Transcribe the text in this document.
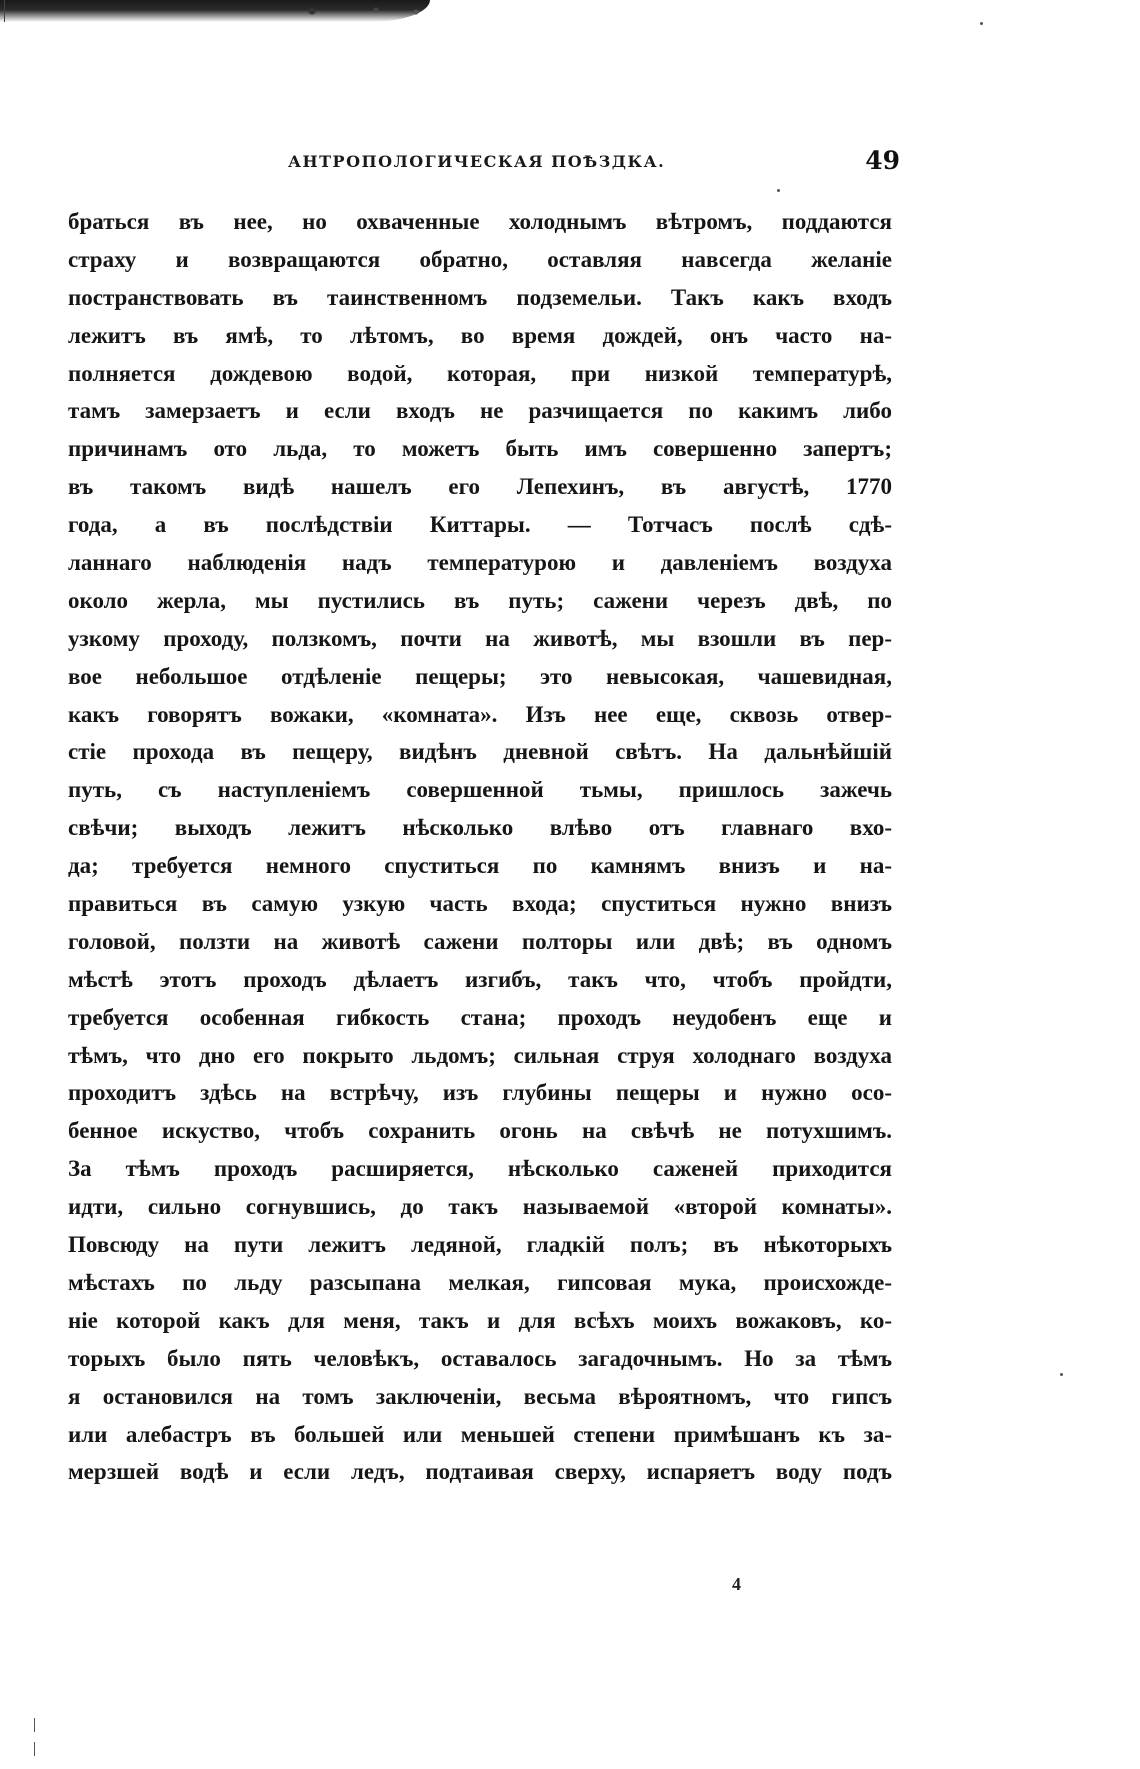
АНТРОПОЛОГИЧЕСКАЯ ПОѢЗДКА.	49
браться въ нее, но охваченные холоднымъ вѣтромъ, поддаются
страху и возвращаются обратно, оставляя навсегда желаніе
постранствовать въ таинственномъ подземельи. Такъ какъ входъ
лежитъ въ ямѣ, то лѣтомъ, во время дождей, онъ часто на-
полняется дождевою водой, которая, при низкой температурѣ,
тамъ замерзаетъ и если входъ не разчищается по какимъ либо
причинамъ ото льда, то можетъ быть имъ совершенно запертъ;
въ такомъ видѣ нашелъ его Лепехинъ, въ августѣ, 1770
года, а въ послѣдствіи Киттары. — Тотчасъ послѣ сдѣ-
ланнаго наблюденія надъ температурою и давленіемъ воздуха
около жерла, мы пустились въ путь; сажени черезъ двѣ, по
узкому проходу, ползкомъ, почти на животѣ, мы взошли въ пер-
вое небольшое отдѣленіе пещеры; это невысокая, чашевидная,
какъ говорятъ вожаки, «комната». Изъ нее еще, сквозь отвер-
стіе прохода въ пещеру, видѣнъ дневной свѣтъ. На дальнѣйшій
путь, съ наступленіемъ совершенной тьмы, пришлось зажечь
свѣчи; выходъ лежитъ нѣсколько влѣво отъ главнаго вхо-
да; требуется немного спуститься по камнямъ внизъ и на-
правиться въ самую узкую часть входа; спуститься нужно внизъ
головой, ползти на животѣ сажени полторы или двѣ; въ одномъ
мѣстѣ этотъ проходъ дѣлаетъ изгибъ, такъ что, чтобъ пройдти,
требуется особенная гибкость стана; проходъ неудобенъ еще и
тѣмъ, что дно его покрыто льдомъ; сильная струя холоднаго воздуха
проходитъ здѣсь на встрѣчу, изъ глубины пещеры и нужно осо-
бенное искуство, чтобъ сохранить огонь на свѣчѣ не потухшимъ.
За тѣмъ проходъ расширяется, нѣсколько саженей приходится
идти, сильно согнувшись, до такъ называемой «второй комнаты».
Повсюду на пути лежитъ ледяной, гладкій полъ; въ нѣкоторыхъ
мѣстахъ по льду разсыпана мелкая, гипсовая мука, происхожде-
ніе которой какъ для меня, такъ и для всѣхъ моихъ вожаковъ, ко-
торыхъ было пять человѣкъ, оставалось загадочнымъ. Но за тѣмъ
я остановился на томъ заключеніи, весьма вѣроятномъ, что гипсъ
или алебастръ въ большей или меньшей степени примѣшанъ къ за-
мерзшей водѣ и если ледъ, подтаивая сверху, испаряетъ воду подъ
4
